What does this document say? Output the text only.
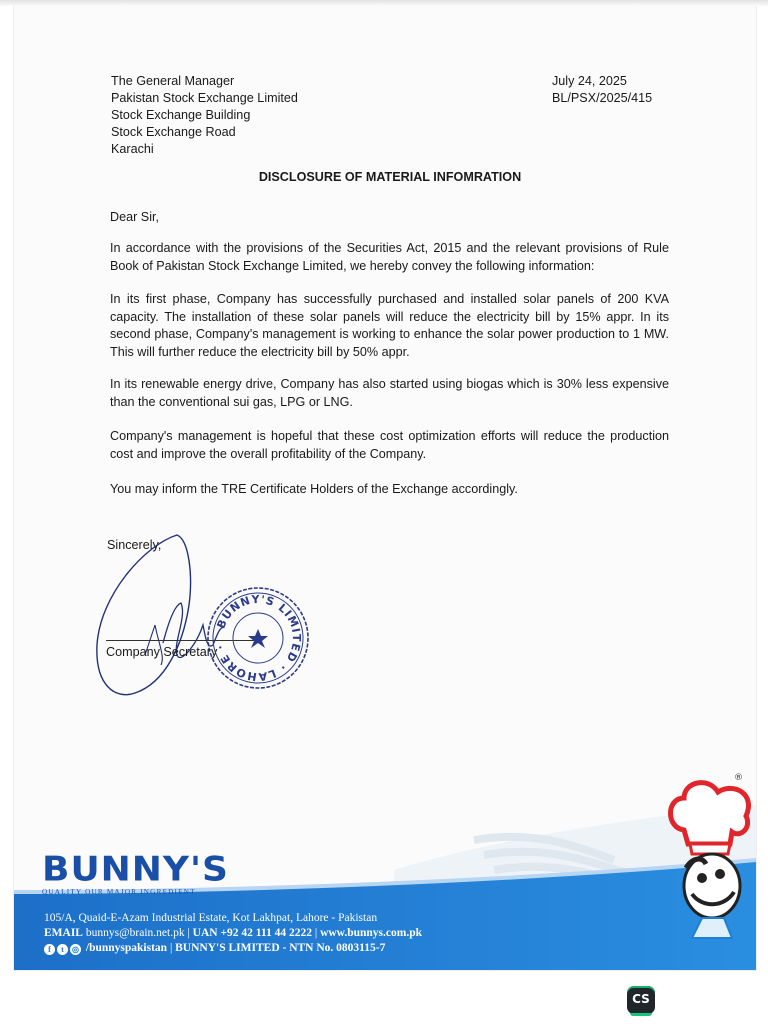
The General Manager
Pakistan Stock Exchange Limited
Stock Exchange Building
Stock Exchange Road
Karachi
July 24, 2025
BL/PSX/2025/415
DISCLOSURE OF MATERIAL INFOMRATION
Dear Sir,
In accordance with the provisions of the Securities Act, 2015 and the relevant provisions of Rule Book of Pakistan Stock Exchange Limited, we hereby convey the following information:
In its first phase, Company has successfully purchased and installed solar panels of 200 KVA capacity. The installation of these solar panels will reduce the electricity bill by 15% appr. In its second phase, Company's management is working to enhance the solar power production to 1 MW. This will further reduce the electricity bill by 50% appr.
In its renewable energy drive, Company has also started using biogas which is 30% less expensive than the conventional sui gas, LPG or LNG.
Company's management is hopeful that these cost optimization efforts will reduce the production cost and improve the overall profitability of the Company.
You may inform the TRE Certificate Holders of the Exchange accordingly.
Sincerely,
Company Secretary
BUNNY'S LIMITED · LAHORE ·
BUNNY'S
QUALITY OUR MAJOR INGREDIENT
105/A, Quaid-E-Azam Industrial Estate, Kot Lakhpat, Lahore - Pakistan
EMAIL bunnys@brain.net.pk | UAN +92 42 111 44 2222 | www.bunnys.com.pk
f t ◎ /bunnyspakistan | BUNNY'S LIMITED - NTN No. 0803115-7
®
CS
